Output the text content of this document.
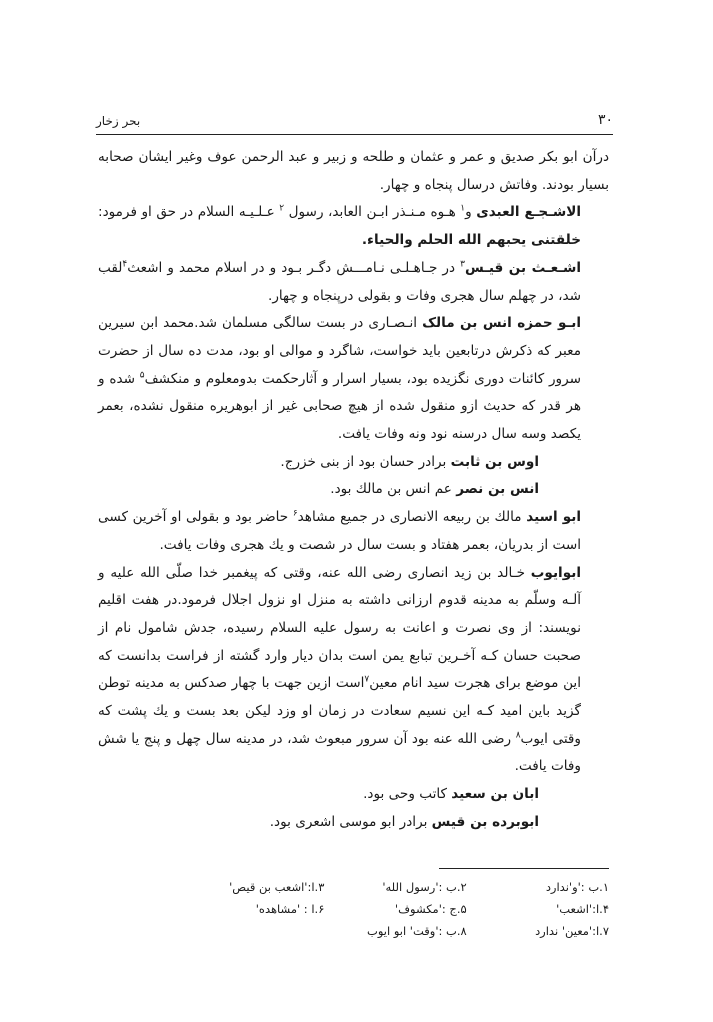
۳۰
بحر زخار

درآن ابو بکر صدیق و عمر و عثمان و طلحه و زبیر و عبد الرحمن عوف وغیر ایشان صحابه بسیار بودند. وفاتش درسال پنجاه و چهار.

الاشـجـع العبدی و$^۱$ هـوه مـنـذر ابـن العابد، رسول $^۲$ عـلـیـه السلام در حق او فرمود: خلقتنی یحبهم الله الحلم والحیاء.

اشـعـث بن قیـس$^۳$ در جـاهـلـی نـامـــش دگـر بـود و در اسلام محمد و اشعث$^۴$لقب شد، در چهلم سال هجری وفات و بقولی درپنجاه و چهار.

ابـو حمزه انس بن مالک انـصـاری در بست سالگی مسلمان شد.محمد ابن سیرین معبر که ذکرش درتابعین باید خواست، شاگرد و موالی او بود، مدت ده سال از حضرت سرور کائنات دوری نگزیده بود، بسیار اسرار و آثارحکمت بدومعلوم و منکشف$^۵$ شده و هر قدر که حدیث ازو منقول شده از هیچ صحابی غیر از ابوهریره منقول نشده، بعمر یکصد وسه سال درسنه نود ونه وفات یافت.

اوس بن ثابت برادر حسان بود از بنی خزرج.

انس بن نصر عم انس بن مالك بود.

ابو اسید مالك بن ربیعه الانصاری در جمیع مشاهد$^۶$ حاضر بود و بقولی او آخرین کسی است از بدریان، بعمر هفتاد و بست سال در شصت و یك هجری وفات یافت.

ابوایوب خـالد بن زید انصاری رضی الله عنه، وقتی که پیغمبر خدا صلّی الله علیه و آلـه وسلّم به مدینه قدوم ارزانی داشته به منزل او نزول اجلال فرمود.در هفت اقلیم نویسند: از وی نصرت و اعانت به رسول علیه السلام رسیده، جدش شامول نام از صحبت حسان کـه آخـرین تبابع یمن است بدان دیار وارد گشته از فراست بدانست که این موضع برای هجرت سید انام معین$^۷$است ازین جهت با چهار صدکس به مدینه توطن گزید باین امید کـه این نسیم سعادت در زمان او وزد لیکن بعد بست و یك پشت که وقتی ایوب$^۸$ رضی الله عنه بود آن سرور مبعوث شد، در مدینه سال چهل و پنج یا شش وفات یافت.

ابان بن سعید کاتب وحی بود.

ابوبرده بن قیس برادر ابو موسی اشعری بود.

۱.ب :'و'ندارد
۲.ب :'رسول الله'
۳.ا:'اشعب بن قیص'
۴.ا:'اشعب'
۵.ج :'مکشوف'
۶.ا : 'مشاهده'
۷.ا:'معین' ندارد
۸.ب :'وقت' ابو ایوب
